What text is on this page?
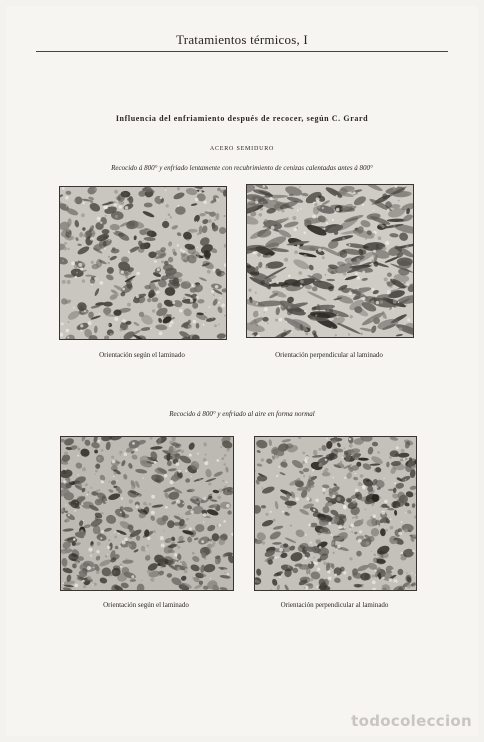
Tratamientos térmicos, I
Influencia del enfriamiento después de recocer, según C. Grard
ACERO SEMIDURO
Recocido á 800° y enfriado lentamente con recubrimiento de cenizas calentadas antes á 800°
Orientación según el laminado	Orientación perpendicular al laminado
Recocido á 800° y enfriado al aire en forma normal
Orientación según el laminado	Orientación perpendicular al laminado
todocoleccion
